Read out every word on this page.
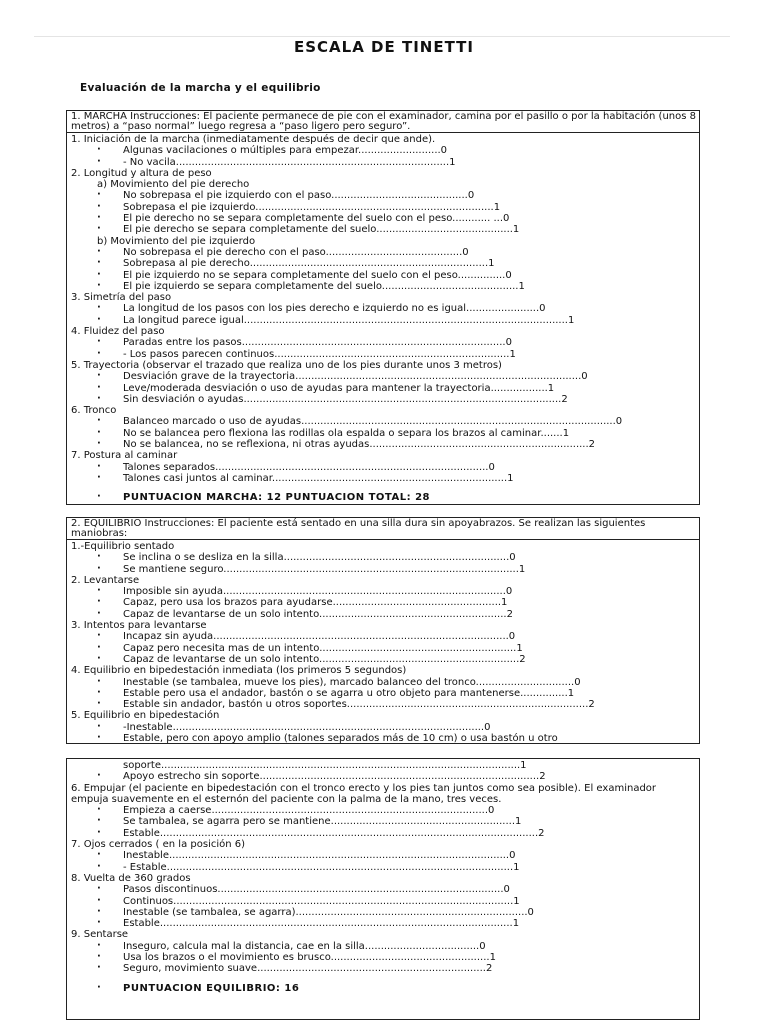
ESCALA DE TINETTI
Evaluación de la marcha y el equilibrio
1. MARCHA Instrucciones: El paciente permanece de pie con el examinador, camina por el pasillo o por la habitación (unos 8 metros) a “paso normal” luego regresa a “paso ligero pero seguro”.
1. Iniciación de la marcha (inmediatamente después de decir que ande).
· Algunas vacilaciones o múltiples para empezar..........................0
· - No vacila......................................................................................1
2. Longitud y altura de peso
a) Movimiento del pie derecho
· No sobrepasa el pie izquierdo con el paso...........................................0
· Sobrepasa el pie izquierdo...........................................................................1
· El pie derecho no se separa completamente del suelo con el peso............ ...0
· El pie derecho se separa completamente del suelo...........................................1
b) Movimiento del pie izquierdo
· No sobrepasa el pie derecho con el paso...........................................0
· Sobrepasa al pie derecho...........................................................................1
· El pie izquierdo no se separa completamente del suelo con el peso...............0
· El pie izquierdo se separa completamente del suelo...........................................1
3. Simetría del paso
· La longitud de los pasos con los pies derecho e izquierdo no es igual.......................0
· La longitud parece igual......................................................................................................1
4. Fluidez del paso
· Paradas entre los pasos...................................................................................0
· - Los pasos parecen continuos..........................................................................1
5. Trayectoria (observar el trazado que realiza uno de los pies durante unos 3 metros)
· Desviación grave de la trayectoria..........................................................................................0
· Leve/moderada desviación o uso de ayudas para mantener la trayectoria..................1
· Sin desviación o ayudas....................................................................................................2
6. Tronco
· Balanceo marcado o uso de ayudas...................................................................................................0
· No se balancea pero flexiona las rodillas ola espalda o separa los brazos al caminar.......1
· No se balancea, no se reflexiona, ni otras ayudas.....................................................................2
7. Postura al caminar
· Talones separados......................................................................................0
· Talones casi juntos al caminar..........................................................................1
· PUNTUACIÓN MARCHA: 12 PUNTUACIÓN TOTAL: 28
2. EQUILIBRIO Instrucciones: El paciente está sentado en una silla dura sin apoyabrazos. Se realizan las siguientes maniobras:
1.-Equilibrio sentado
· Se inclina o se desliza en la silla.......................................................................0
· Se mantiene seguro.............................................................................................1
2. Levantarse
· Imposible sin ayuda.........................................................................................0
· Capaz, pero usa los brazos para ayudarse.....................................................1
· Capaz de levantarse de un solo intento...........................................................2
3. Intentos para levantarse
· Incapaz sin ayuda.............................................................................................0
· Capaz pero necesita mas de un intento..............................................................1
· Capaz de levantarse de un solo intento...............................................................2
4. Equilibrio en bipedestación inmediata (los primeros 5 segundos)
· Inestable (se tambalea, mueve los pies), marcado balanceo del tronco...............................0
· Estable pero usa el andador, bastón o se agarra u otro objeto para mantenerse...............1
· Estable sin andador, bastón u otros soportes............................................................................2
5. Equilibrio en bipedestación
· -Inestable..................................................................................................0
· Estable, pero con apoyo amplio (talones separados más de 10 cm) o usa bastón u otro
soporte.................................................................................................................1
· Apoyo estrecho sin soporte........................................................................................2
6. Empujar (el paciente en bipedestación con el tronco erecto y los pies tan juntos como sea posible). El examinador empuja suavemente en el esternón del paciente con la palma de la mano, tres veces.
· Empieza a caerse.......................................................................................0
· Se tambalea, se agarra pero se mantiene..........................................................1
· Estable.......................................................................................................................2
7. Ojos cerrados ( en la posición 6)
· Inestable...........................................................................................................0
· - Estable.............................................................................................................1
8. Vuelta de 360 grados
· Pasos discontinuos..........................................................................................0
· Continuos...........................................................................................................1
· Inestable (se tambalea, se agarra).........................................................................0
· Estable...............................................................................................................1
9. Sentarse
· Inseguro, calcula mal la distancia, cae en la silla....................................0
· Usa los brazos o el movimiento es brusco..................................................1
· Seguro, movimiento suave........................................................................2
· PUNTUACIÓN EQUILIBRIO: 16
